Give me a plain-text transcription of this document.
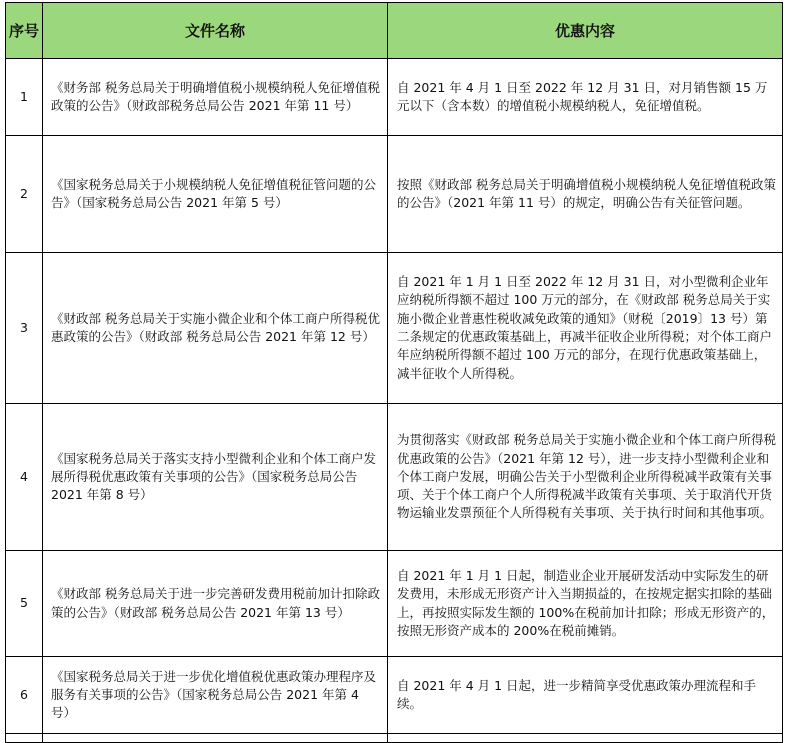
序号	文件名称	优惠内容
1	《财务部 税务总局关于明确增值税小规模纳税人免征增值税政策的公告》（财政部税务总局公告 2021 年第 11 号）	自 2021 年 4 月 1 日至 2022 年 12 月 31 日，对月销售额 15 万元以下（含本数）的增值税小规模纳税人，免征增值税。
2	《国家税务总局关于小规模纳税人免征增值税征管问题的公告》（国家税务总局公告 2021 年第 5 号）	按照《财政部 税务总局关于明确增值税小规模纳税人免征增值税政策的公告》（2021 年第 11 号）的规定，明确公告有关征管问题。
3	《财政部 税务总局关于实施小微企业和个体工商户所得税优惠政策的公告》（财政部 税务总局公告 2021 年第 12 号）	自 2021 年 1 月 1 日至 2022 年 12 月 31 日，对小型微利企业年应纳税所得额不超过 100 万元的部分，在《财政部 税务总局关于实施小微企业普惠性税收减免政策的通知》（财税〔2019〕13 号）第二条规定的优惠政策基础上，再减半征收企业所得税；对个体工商户年应纳税所得额不超过 100 万元的部分，在现行优惠政策基础上，减半征收个人所得税。
4	《国家税务总局关于落实支持小型微利企业和个体工商户发展所得税优惠政策有关事项的公告》（国家税务总局公告 2021 年第 8 号）	为贯彻落实《财政部 税务总局关于实施小微企业和个体工商户所得税优惠政策的公告》（2021 年第 12 号），进一步支持小型微利企业和个体工商户发展，明确公告关于小型微利企业所得税减半政策有关事项、关于个体工商户个人所得税减半政策有关事项、关于取消代开货物运输业发票预征个人所得税有关事项、关于执行时间和其他事项。
5	《财政部 税务总局关于进一步完善研发费用税前加计扣除政策的公告》（财政部 税务总局公告 2021 年第 13 号）	自 2021 年 1 月 1 日起，制造业企业开展研发活动中实际发生的研发费用，未形成无形资产计入当期损益的，在按规定据实扣除的基础上，再按照实际发生额的 100%在税前加计扣除；形成无形资产的，按照无形资产成本的 200%在税前摊销。
6	《国家税务总局关于进一步优化增值税优惠政策办理程序及服务有关事项的公告》（国家税务总局公告 2021 年第 4 号）	自 2021 年 4 月 1 日起，进一步精简享受优惠政策办理流程和手续。
